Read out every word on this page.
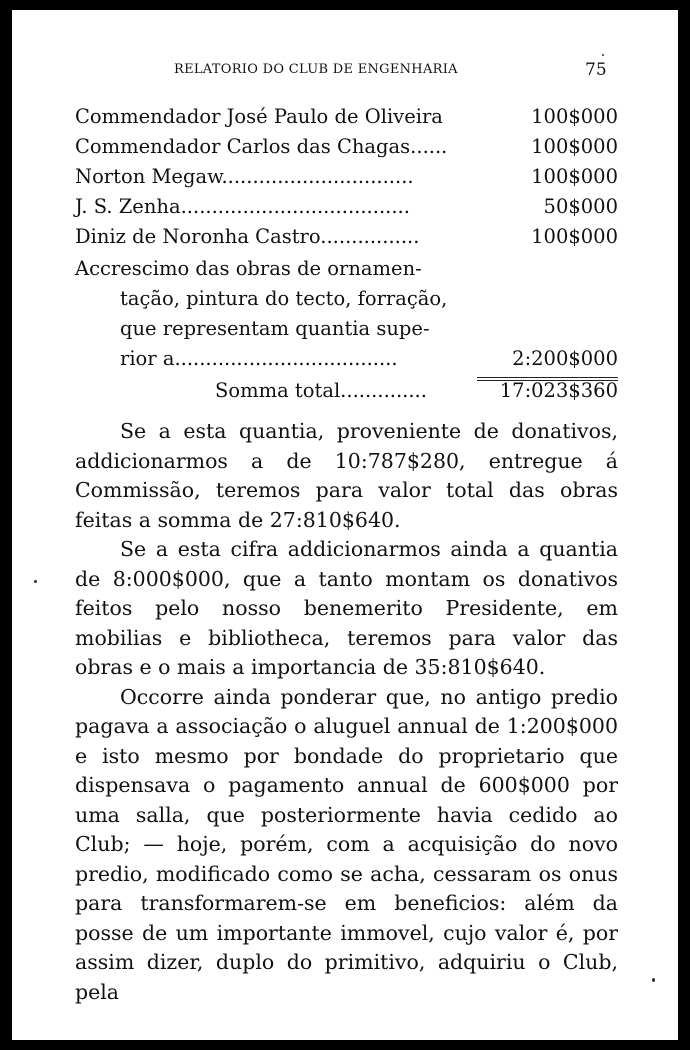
RELATORIO DO CLUB DE ENGENHARIA	75
Commendador José Paulo de Oliveira	100$000
Commendador Carlos das Chagas......	100$000
Norton Megaw...............................	100$000
J. S. Zenha.....................................	50$000
Diniz de Noronha Castro................	100$000
Accrescimo das obras de ornamen-
tação, pintura do tecto, forração,
que representam quantia supe-
rior a....................................	2:200$000
Somma total..............	17:023$360

Se a esta quantia, proveniente de donativos, addicionarmos a de 10:787$280, entregue á Commissão, teremos para valor total das obras feitas a somma de 27:810$640.

Se a esta cifra addicionarmos ainda a quantia de 8:000$000, que a tanto montam os donativos feitos pelo nosso benemerito Presidente, em mobilias e bibliotheca, teremos para valor das obras e o mais a importancia de 35:810$640.

Occorre ainda ponderar que, no antigo predio pagava a associação o aluguel annual de 1:200$000 e isto mesmo por bondade do proprietario que dispensava o pagamento annual de 600$000 por uma salla, que posteriormente havia cedido ao Club; — hoje, porém, com a acquisição do novo predio, modificado como se acha, cessaram os onus para transformarem-se em beneficios: além da posse de um importante immovel, cujo valor é, por assim dizer, duplo do primitivo, adquiriu o Club, pela
